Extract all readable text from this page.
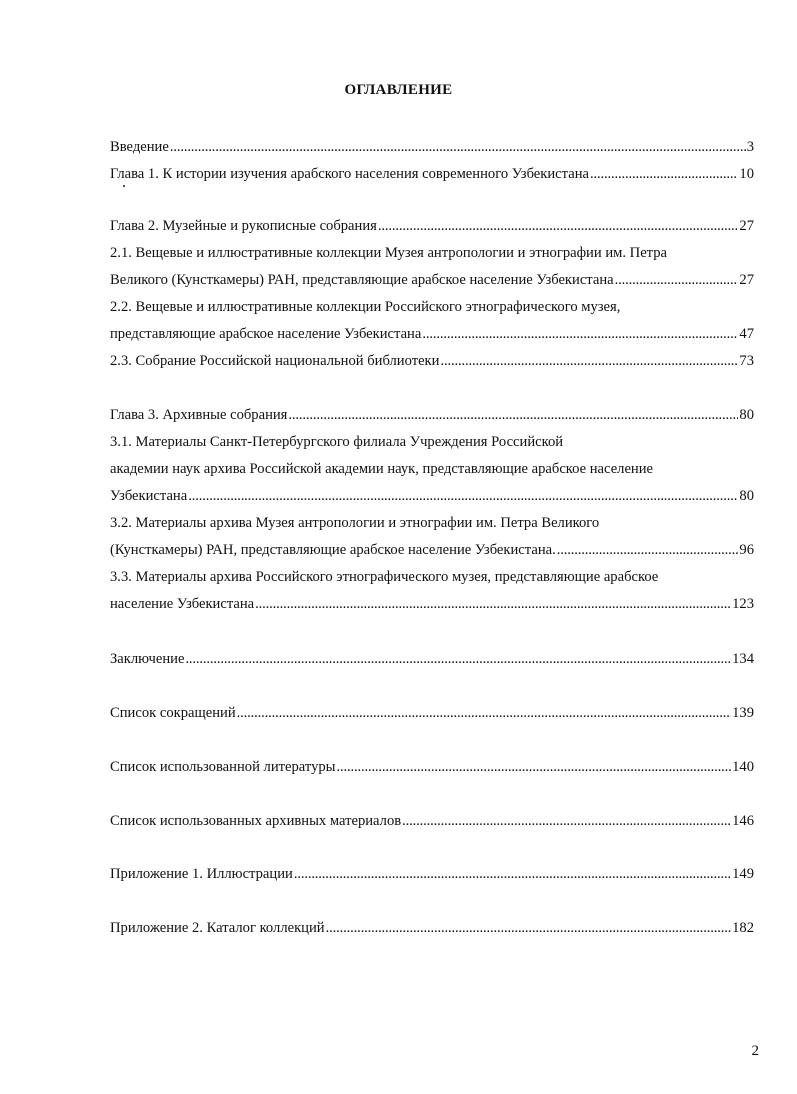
ОГЛАВЛЕНИЕ
Введение . . .	3
Глава 1. К истории изучения арабского населения современного Узбекистана . . .	10
Глава 2. Музейные и рукописные собрания . . .	27
2.1. Вещевые и иллюстративные коллекции Музея антропологии и этнографии им. Петра
Великого (Кунсткамеры) РАН, представляющие арабское население Узбекистана . . .	27
2.2. Вещевые и иллюстративные коллекции Российского этнографического музея,
представляющие арабское население Узбекистана . . .	47
2.3. Собрание Российской национальной библиотеки . . .	73
Глава 3. Архивные собрания . . .	80
3.1. Материалы Санкт-Петербургского филиала Учреждения Российской
академии наук архива Российской академии наук, представляющие арабское население
Узбекистана . . .	80
3.2. Материалы архива Музея антропологии и этнографии им. Петра Великого
(Кунсткамеры) РАН, представляющие арабское население Узбекистана. . . .	96
3.3. Материалы архива Российского этнографического музея, представляющие арабское
население Узбекистана . . .	123
Заключение . . .	134
Список сокращений . . .	139
Список использованной литературы . . .	140
Список использованных архивных материалов . . .	146
Приложение 1. Иллюстрации . . .	149
Приложение 2. Каталог коллекций . . .	182
2
